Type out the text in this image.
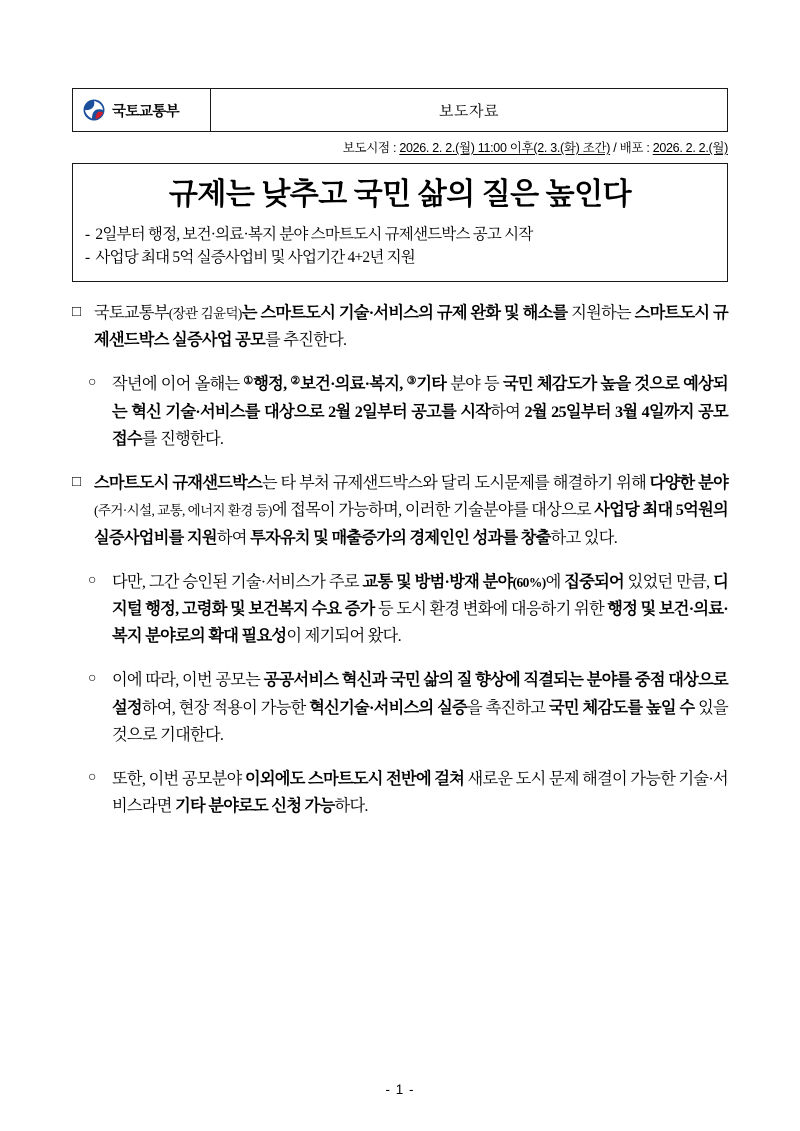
국토교통부	보도자료
보도시점 : 2026. 2. 2.(월) 11:00 이후(2. 3.(화) 조간) / 배포 : 2026. 2. 2.(월)
규제는 낮추고 국민 삶의 질은 높인다
- 2일부터 행정, 보건·의료·복지 분야 스마트도시 규제샌드박스 공고 시작
- 사업당 최대 5억 실증사업비 및 사업기간 4+2년 지원
□ 국토교통부(장관 김윤덕)는 스마트도시 기술·서비스의 규제 완화 및 해소를 지원하는 스마트도시 규제샌드박스 실증사업 공모를 추진한다.
○	작년에 이어 올해는 ①행정, ②보건·의료·복지, ③기타 분야 등 국민 체감도가 높을 것으로 예상되는 혁신 기술·서비스를 대상으로 2월 2일부터 공고를 시작하여 2월 25일부터 3월 4일까지 공모 접수를 진행한다.
□ 스마트도시 규재샌드박스는 타 부처 규제샌드박스와 달리 도시문제를 해결하기 위해 다양한 분야(주거·시설, 교통, 에너지 환경 등)에 접목이 가능하며, 이러한 기술분야를 대상으로 사업당 최대 5억원의 실증사업비를 지원하여 투자유치 및 매출증가의 경제인인 성과를 창출하고 있다.
○	다만, 그간 승인된 기술·서비스가 주로 교통 및 방범·방재 분야(60%)에 집중되어 있었던 만큼, 디지털 행정, 고령화 및 보건복지 수요 증가 등 도시 환경 변화에 대응하기 위한 행정 및 보건·의료·복지 분야로의 확대 필요성이 제기되어 왔다.
○	이에 따라, 이번 공모는 공공서비스 혁신과 국민 삶의 질 향상에 직결되는 분야를 중점 대상으로 설정하여, 현장 적용이 가능한 혁신기술·서비스의 실증을 촉진하고 국민 체감도를 높일 수 있을 것으로 기대한다.
○	또한, 이번 공모분야 이외에도 스마트도시 전반에 걸쳐 새로운 도시 문제 해결이 가능한 기술·서비스라면 기타 분야로도 신청 가능하다.
- 1 -
